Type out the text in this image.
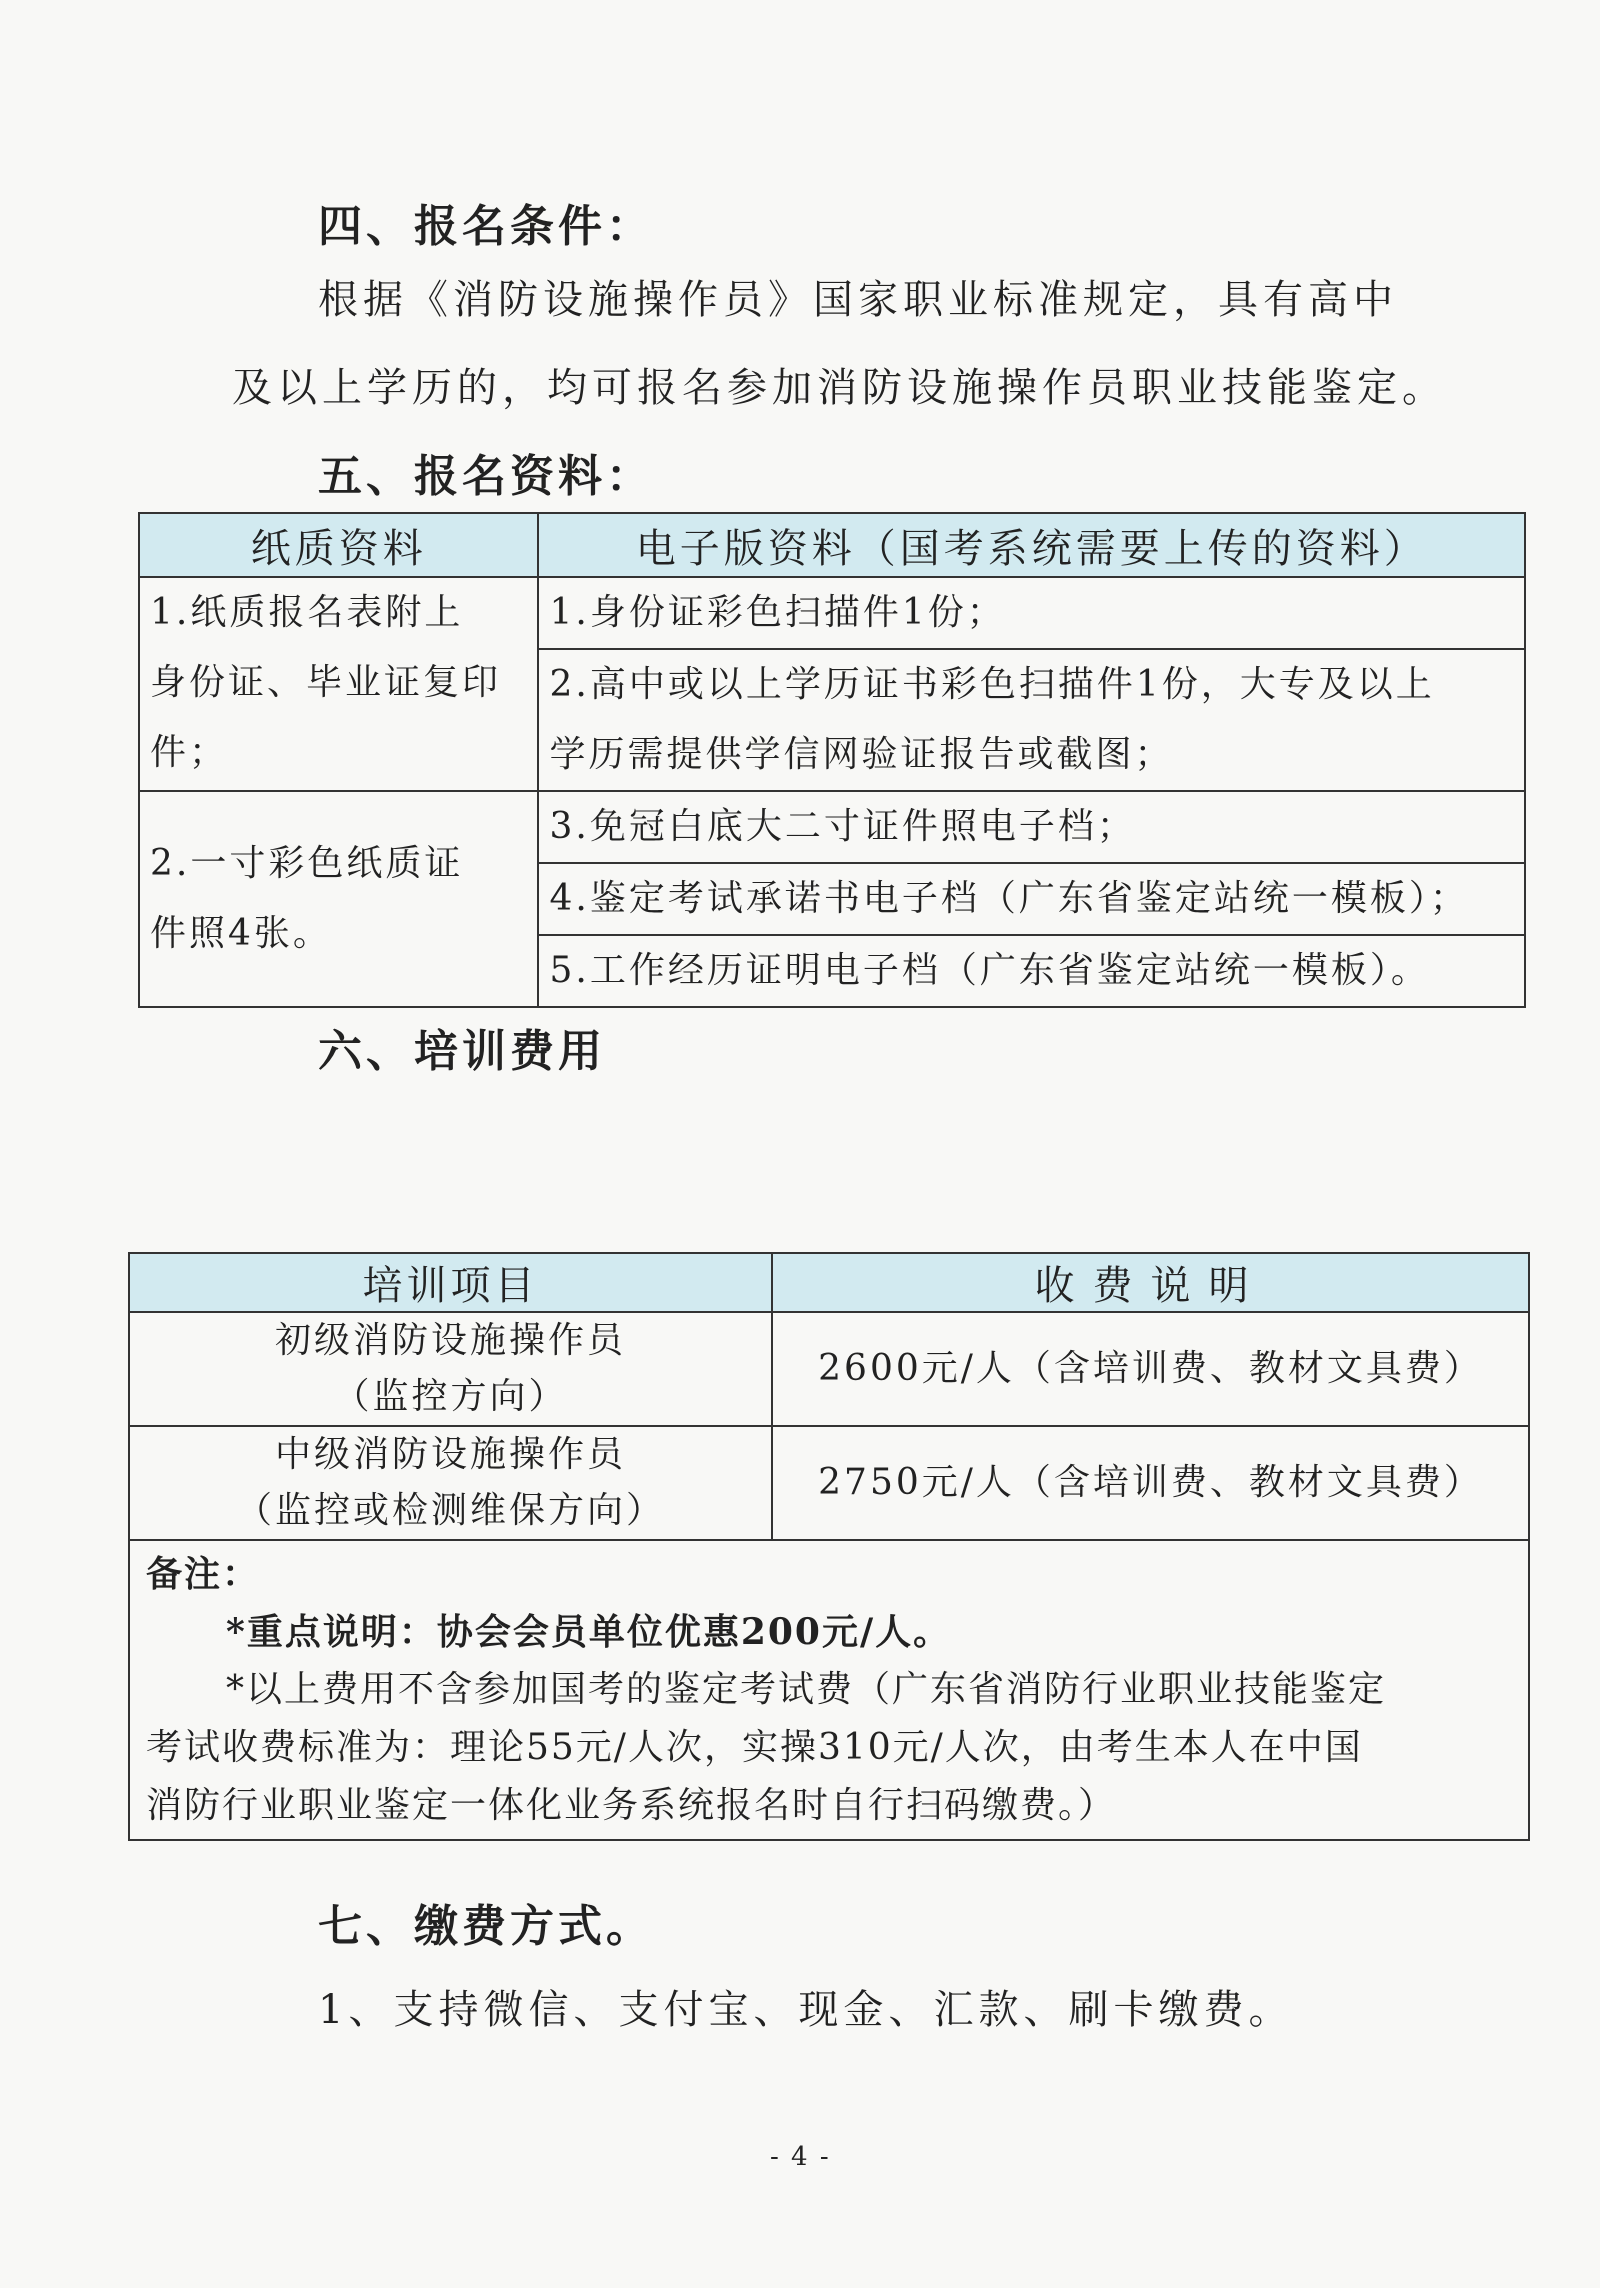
四、报名条件：
根据《消防设施操作员》国家职业标准规定，具有高中
及以上学历的，均可报名参加消防设施操作员职业技能鉴定。
五、报名资料：
纸质资料	电子版资料（国考系统需要上传的资料）

1.纸质报名表附上
身份证、毕业证复印
件；	1.身份证彩色扫描件1份；

	2.高中或以上学历证书彩色扫描件1份，大专及以上
学历需提供学信网验证报告或截图；

2.一寸彩色纸质证
件照4张。	3.免冠白底大二寸证件照电子档；
	4.鉴定考试承诺书电子档（广东省鉴定站统一模板）；
	5.工作经历证明电子档（广东省鉴定站统一模板）。
六、培训费用
培训项目	收费说明

初级消防设施操作员
（监控方向）	2600元/人（含培训费、教材文具费）

中级消防设施操作员
（监控或检测维保方向）	2750元/人（含培训费、教材文具费）

备注：
*重点说明：协会会员单位优惠200元/人。
*以上费用不含参加国考的鉴定考试费（广东省消防行业职业技能鉴定
考试收费标准为：理论55元/人次，实操310元/人次，由考生本人在中国
消防行业职业鉴定一体化业务系统报名时自行扫码缴费。）	
七、缴费方式。
1、支持微信、支付宝、现金、汇款、刷卡缴费。
- 4 -
